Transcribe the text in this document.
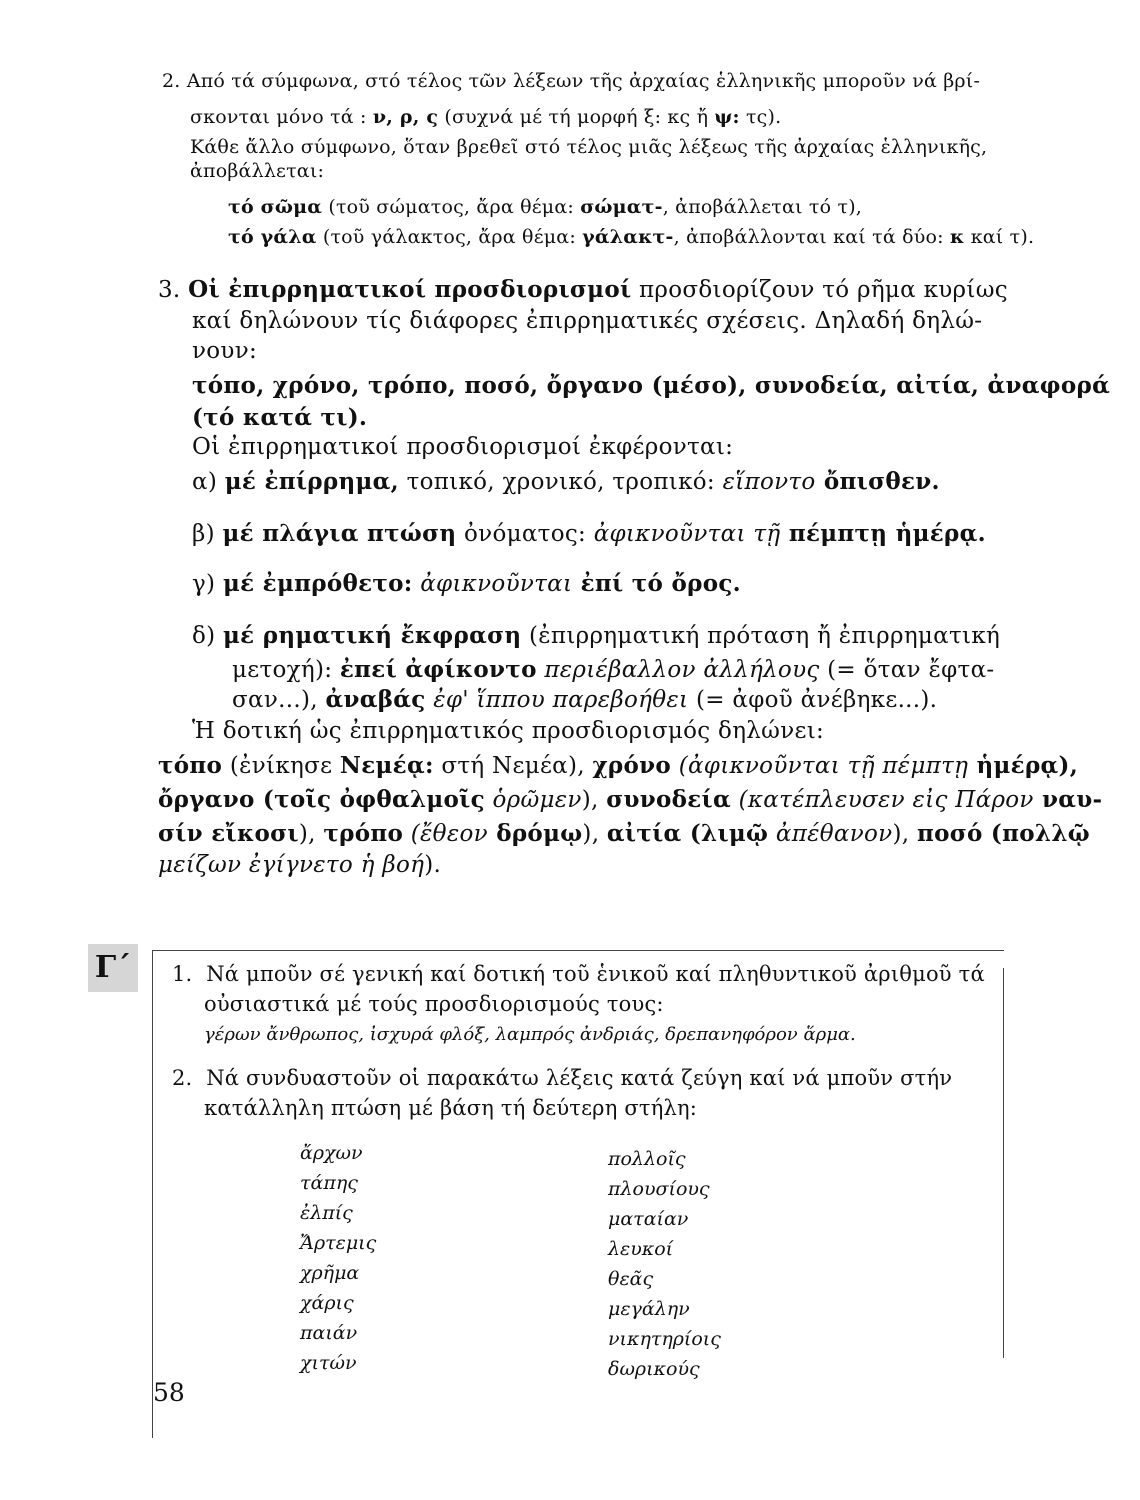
2. Από τά σύμφωνα, στό τέλος τῶν λέξεων τῆς ἀρχαίας ἑλληνικῆς μποροῦν νά βρί-
σκονται μόνο τά : ν, ρ, ς (συχνά μέ τή μορφή ξ: κς ἤ ψ: τς).
Κάθε ἄλλο σύμφωνο, ὅταν βρεθεῖ στό τέλος μιᾶς λέξεως τῆς ἀρχαίας ἑλληνικῆς,
ἀποβάλλεται:
τό σῶμα (τοῦ σώματος, ἄρα θέμα: σώματ-, ἀποβάλλεται τό τ),
τό γάλα (τοῦ γάλακτος, ἄρα θέμα: γάλακτ-, ἀποβάλλονται καί τά δύο: κ καί τ).
3. Οἱ ἐπιρρηματικοί προσδιορισμοί προσδιορίζουν τό ρῆμα κυρίως
καί δηλώνουν τίς διάφορες ἐπιρρηματικές σχέσεις. Δηλαδή δηλώ-
νουν:
τόπο, χρόνο, τρόπο, ποσό, ὄργανο (μέσο), συνοδεία, αἰτία, ἀναφορά
(τό κατά τι).
Οἱ ἐπιρρηματικοί προσδιορισμοί ἐκφέρονται:
α) μέ ἐπίρρημα, τοπικό, χρονικό, τροπικό: εἵποντο ὄπισθεν.
β) μέ πλάγια πτώση ὀνόματος: ἀφικνοῦνται τῇ πέμπτῃ ἡμέρᾳ.
γ) μέ ἐμπρόθετο: ἀφικνοῦνται ἐπί τό ὄρος.
δ) μέ ρηματική ἔκφραση (ἐπιρρηματική πρόταση ἤ ἐπιρρηματική
μετοχή): ἐπεί ἀφίκοντο περιέβαλλον ἀλλήλους (= ὅταν ἔφτα-
σαν...), ἀναβάς ἐφ' ἵππου παρεβοήθει (= ἀφοῦ ἀνέβηκε...).
Ἡ δοτική ὡς ἐπιρρηματικός προσδιορισμός δηλώνει:
τόπο (ἐνίκησε Νεμέᾳ: στή Νεμέα), χρόνο (ἀφικνοῦνται τῇ πέμπτῃ ἡμέρᾳ),
ὄργανο (τοῖς ὀφθαλμοῖς ὁρῶμεν), συνοδεία (κατέπλευσεν εἰς Πάρον ναυ-
σίν εἴκοσι), τρόπο (ἔθεον δρόμῳ), αἰτία (λιμῷ ἀπέθανον), ποσό (πολλῷ
μείζων ἐγίγνετο ἡ βοή).
Γ΄	1. Νά μποῦν σέ γενική καί δοτική τοῦ ἑνικοῦ καί πληθυντικοῦ ἀριθμοῦ τά
οὐσιαστικά μέ τούς προσδιορισμούς τους:
γέρων ἄνθρωπος, ἰσχυρά φλόξ, λαμπρός ἀνδριάς, δρεπανηφόρον ἅρμα.
2. Νά συνδυαστοῦν οἱ παρακάτω λέξεις κατά ζεύγη καί νά μποῦν στήν
κατάλληλη πτώση μέ βάση τή δεύτερη στήλη:
ἄρχων
τάπης
ἐλπίς
Ἄρτεμις
χρῆμα
χάρις
παιάν
χιτών
πολλοῖς
πλουσίους
ματαίαν
λευκοί
θεᾶς
μεγάλην
νικητηρίοις
δωρικούς
58
